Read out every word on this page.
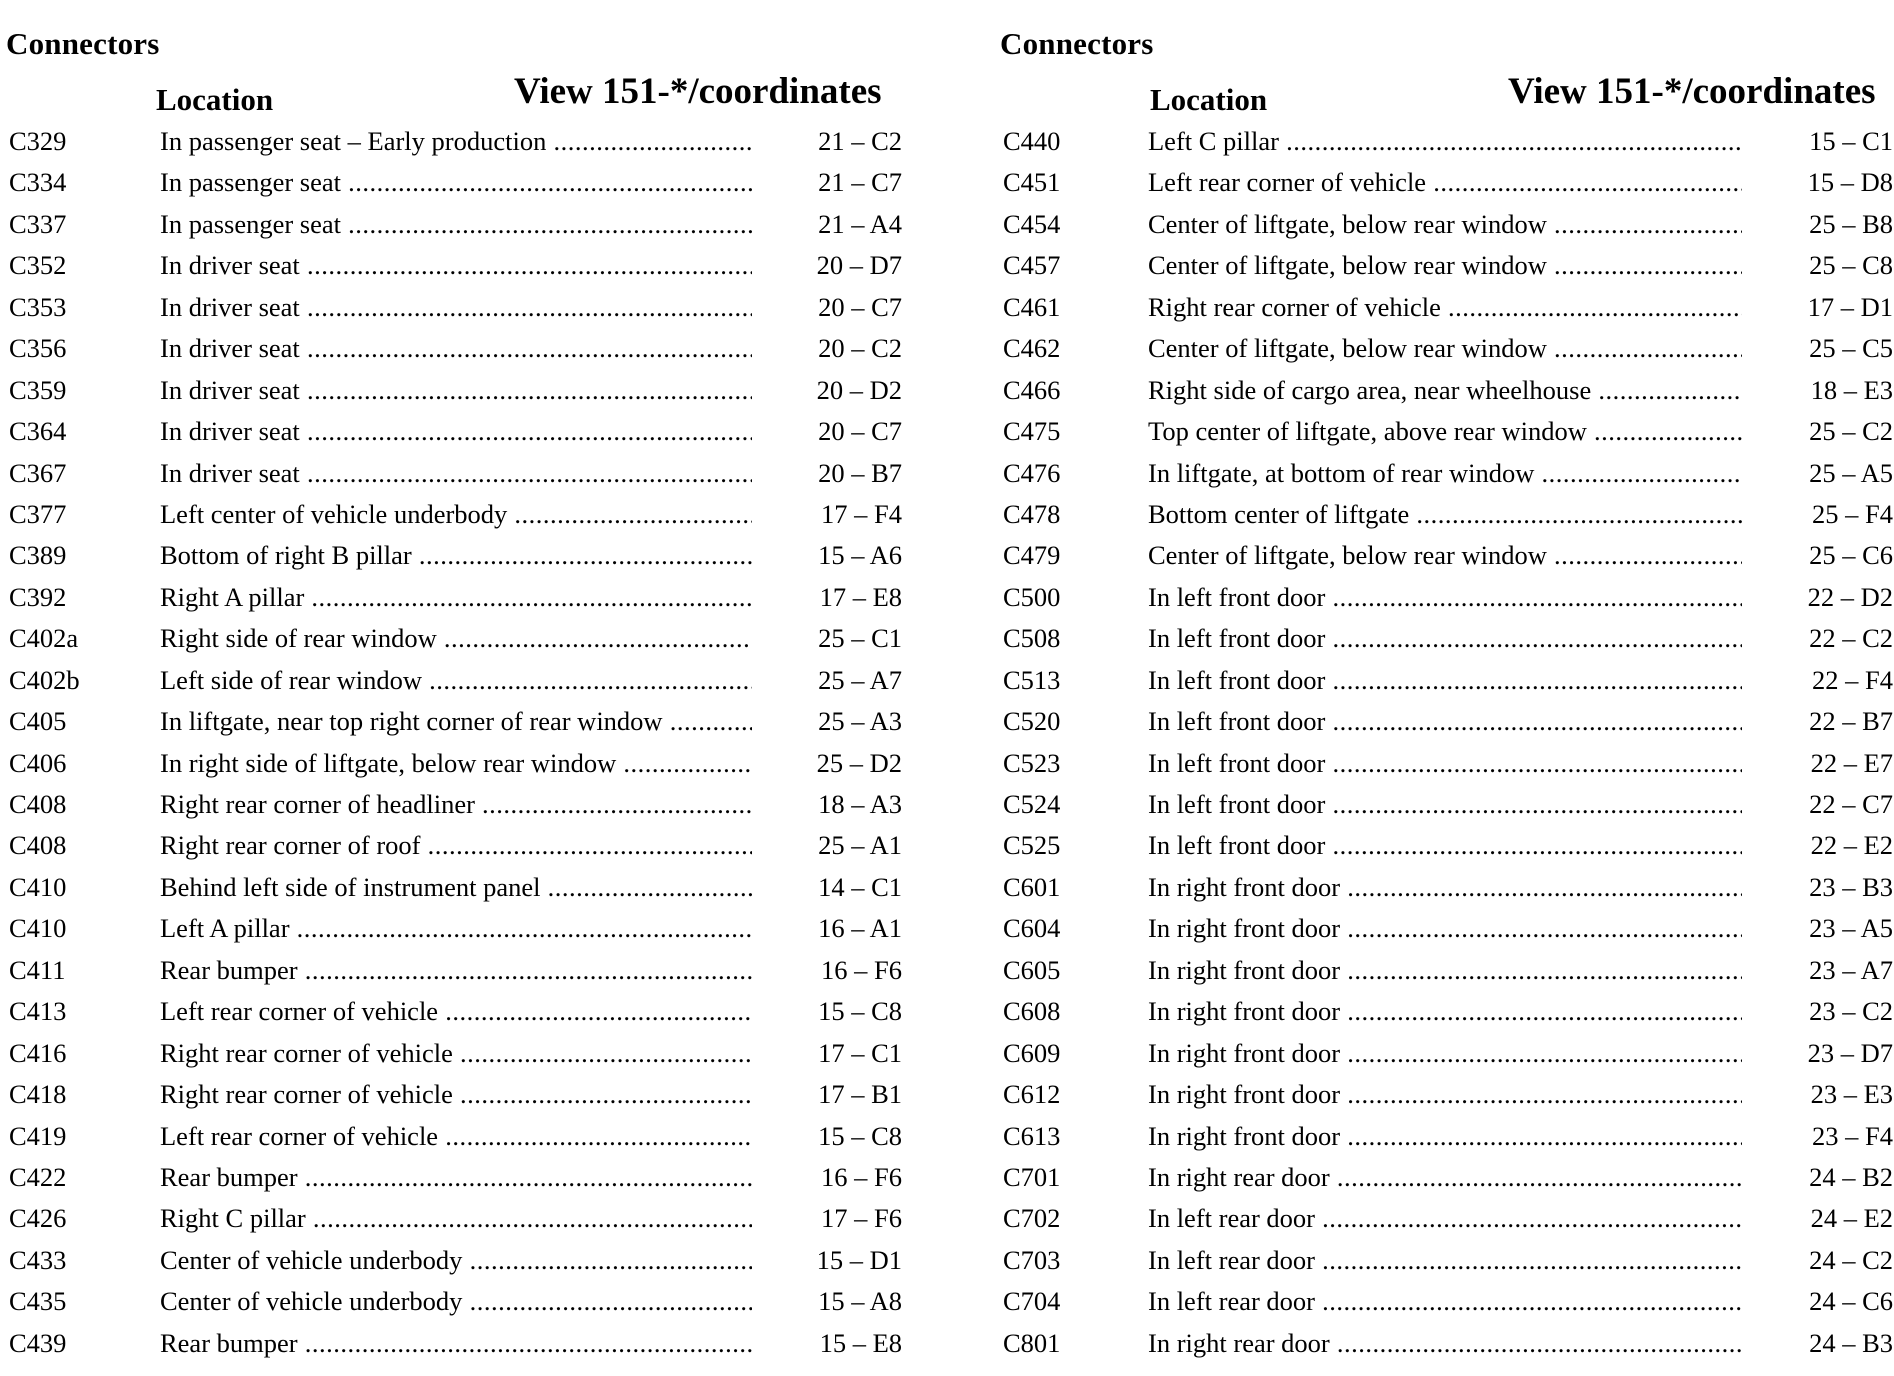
Connectors
Location	View 151-*/coordinates
C329	In passenger seat – Early production .....	21 – C2
C334	In passenger seat .....	21 – C7
C337	In passenger seat .....	21 – A4
C352	In driver seat .....	20 – D7
C353	In driver seat .....	20 – C7
C356	In driver seat .....	20 – C2
C359	In driver seat .....	20 – D2
C364	In driver seat .....	20 – C7
C367	In driver seat .....	20 – B7
C377	Left center of vehicle underbody .....	17 – F4
C389	Bottom of right B pillar .....	15 – A6
C392	Right A pillar .....	17 – E8
C402a	Right side of rear window .....	25 – C1
C402b	Left side of rear window .....	25 – A7
C405	In liftgate, near top right corner of rear window .....	25 – A3
C406	In right side of liftgate, below rear window .....	25 – D2
C408	Right rear corner of headliner .....	18 – A3
C408	Right rear corner of roof .....	25 – A1
C410	Behind left side of instrument panel .....	14 – C1
C410	Left A pillar .....	16 – A1
C411	Rear bumper .....	16 – F6
C413	Left rear corner of vehicle .....	15 – C8
C416	Right rear corner of vehicle .....	17 – C1
C418	Right rear corner of vehicle .....	17 – B1
C419	Left rear corner of vehicle .....	15 – C8
C422	Rear bumper .....	16 – F6
C426	Right C pillar .....	17 – F6
C433	Center of vehicle underbody .....	15 – D1
C435	Center of vehicle underbody .....	15 – A8
C439	Rear bumper .....	15 – E8
Connectors
Location	View 151-*/coordinates
C440	Left C pillar .....	15 – C1
C451	Left rear corner of vehicle .....	15 – D8
C454	Center of liftgate, below rear window .....	25 – B8
C457	Center of liftgate, below rear window .....	25 – C8
C461	Right rear corner of vehicle .....	17 – D1
C462	Center of liftgate, below rear window .....	25 – C5
C466	Right side of cargo area, near wheelhouse .....	18 – E3
C475	Top center of liftgate, above rear window .....	25 – C2
C476	In liftgate, at bottom of rear window .....	25 – A5
C478	Bottom center of liftgate .....	25 – F4
C479	Center of liftgate, below rear window .....	25 – C6
C500	In left front door .....	22 – D2
C508	In left front door .....	22 – C2
C513	In left front door .....	22 – F4
C520	In left front door .....	22 – B7
C523	In left front door .....	22 – E7
C524	In left front door .....	22 – C7
C525	In left front door .....	22 – E2
C601	In right front door .....	23 – B3
C604	In right front door .....	23 – A5
C605	In right front door .....	23 – A7
C608	In right front door .....	23 – C2
C609	In right front door .....	23 – D7
C612	In right front door .....	23 – E3
C613	In right front door .....	23 – F4
C701	In right rear door .....	24 – B2
C702	In left rear door .....	24 – E2
C703	In left rear door .....	24 – C2
C704	In left rear door .....	24 – C6
C801	In right rear door .....	24 – B3
